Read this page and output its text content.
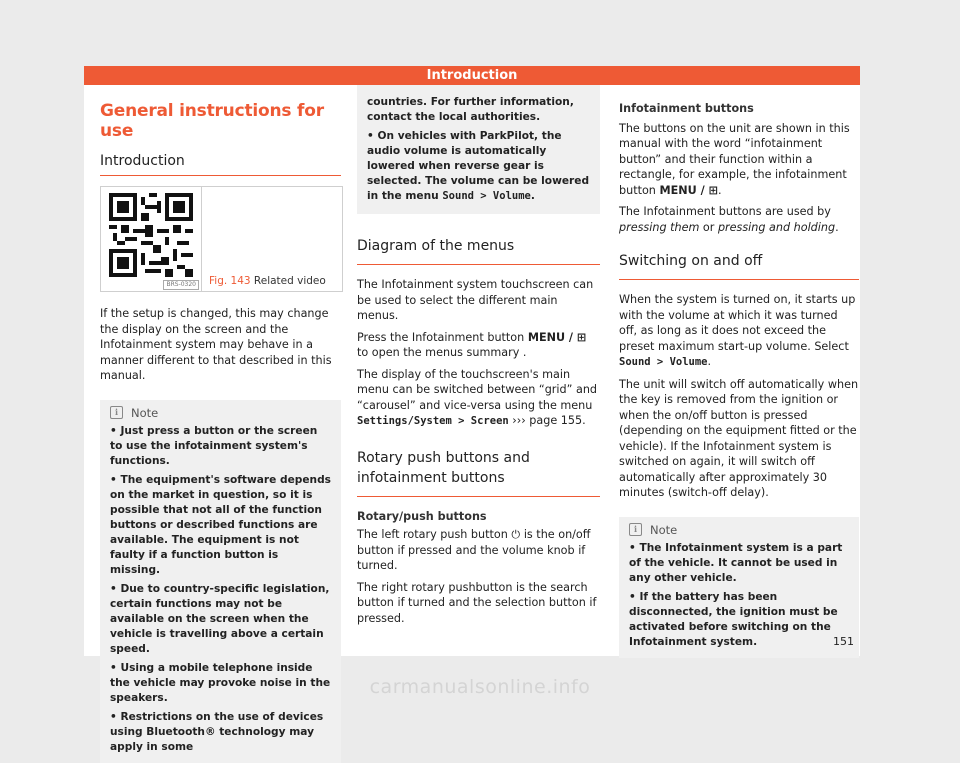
Introduction
General instructions for use
Introduction
BRS-0320 Fig. 143 Related video

If the setup is changed, this may change the display on the screen and the Infotainment system may behave in a manner different to that described in this manual.

i	Note
• Just press a button or the screen to use the infotainment system's functions.
• The equipment's software depends on the market in question, so it is possible that not all of the function buttons or described functions are available. The equipment is not faulty if a function button is missing.
• Due to country-specific legislation, certain functions may not be available on the screen when the vehicle is travelling above a certain speed.
• Using a mobile telephone inside the vehicle may provoke noise in the speakers.
• Restrictions on the use of devices using Bluetooth® technology may apply in some
countries. For further information, contact the local authorities.
• On vehicles with ParkPilot, the audio volume is automatically lowered when reverse gear is selected. The volume can be lowered in the menu Sound > Volume.
Diagram of the menus

The Infotainment system touchscreen can be used to select the different main menus.

Press the Infotainment button MENU / ⊞ to open the menus summary .

The display of the touchscreen's main menu can be switched between “grid” and “carousel” and vice-versa using the menu Settings/System > Screen ››› page 155.

Rotary push buttons and infotainment buttons

Rotary/push buttons

The left rotary push button ⏻ is the on/off button if pressed and the volume knob if turned.

The right rotary pushbutton is the search button if turned and the selection button if pressed.

Infotainment buttons

The buttons on the unit are shown in this manual with the word “infotainment button” and their function within a rectangle, for example, the infotainment button MENU / ⊞.

The Infotainment buttons are used by pressing them or pressing and holding.

Switching on and off

When the system is turned on, it starts up with the volume at which it was turned off, as long as it does not exceed the preset maximum start-up volume. Select Sound > Volume.

The unit will switch off automatically when the key is removed from the ignition or when the on/off button is pressed (depending on the equipment fitted or the vehicle). If the Infotainment system is switched on again, it will switch off automatically after approximately 30 minutes (switch-off delay).

i	Note
• The Infotainment system is a part of the vehicle. It cannot be used in any other vehicle.
• If the battery has been disconnected, the ignition must be activated before switching on the Infotainment system.	151
carmanualsonline.info
